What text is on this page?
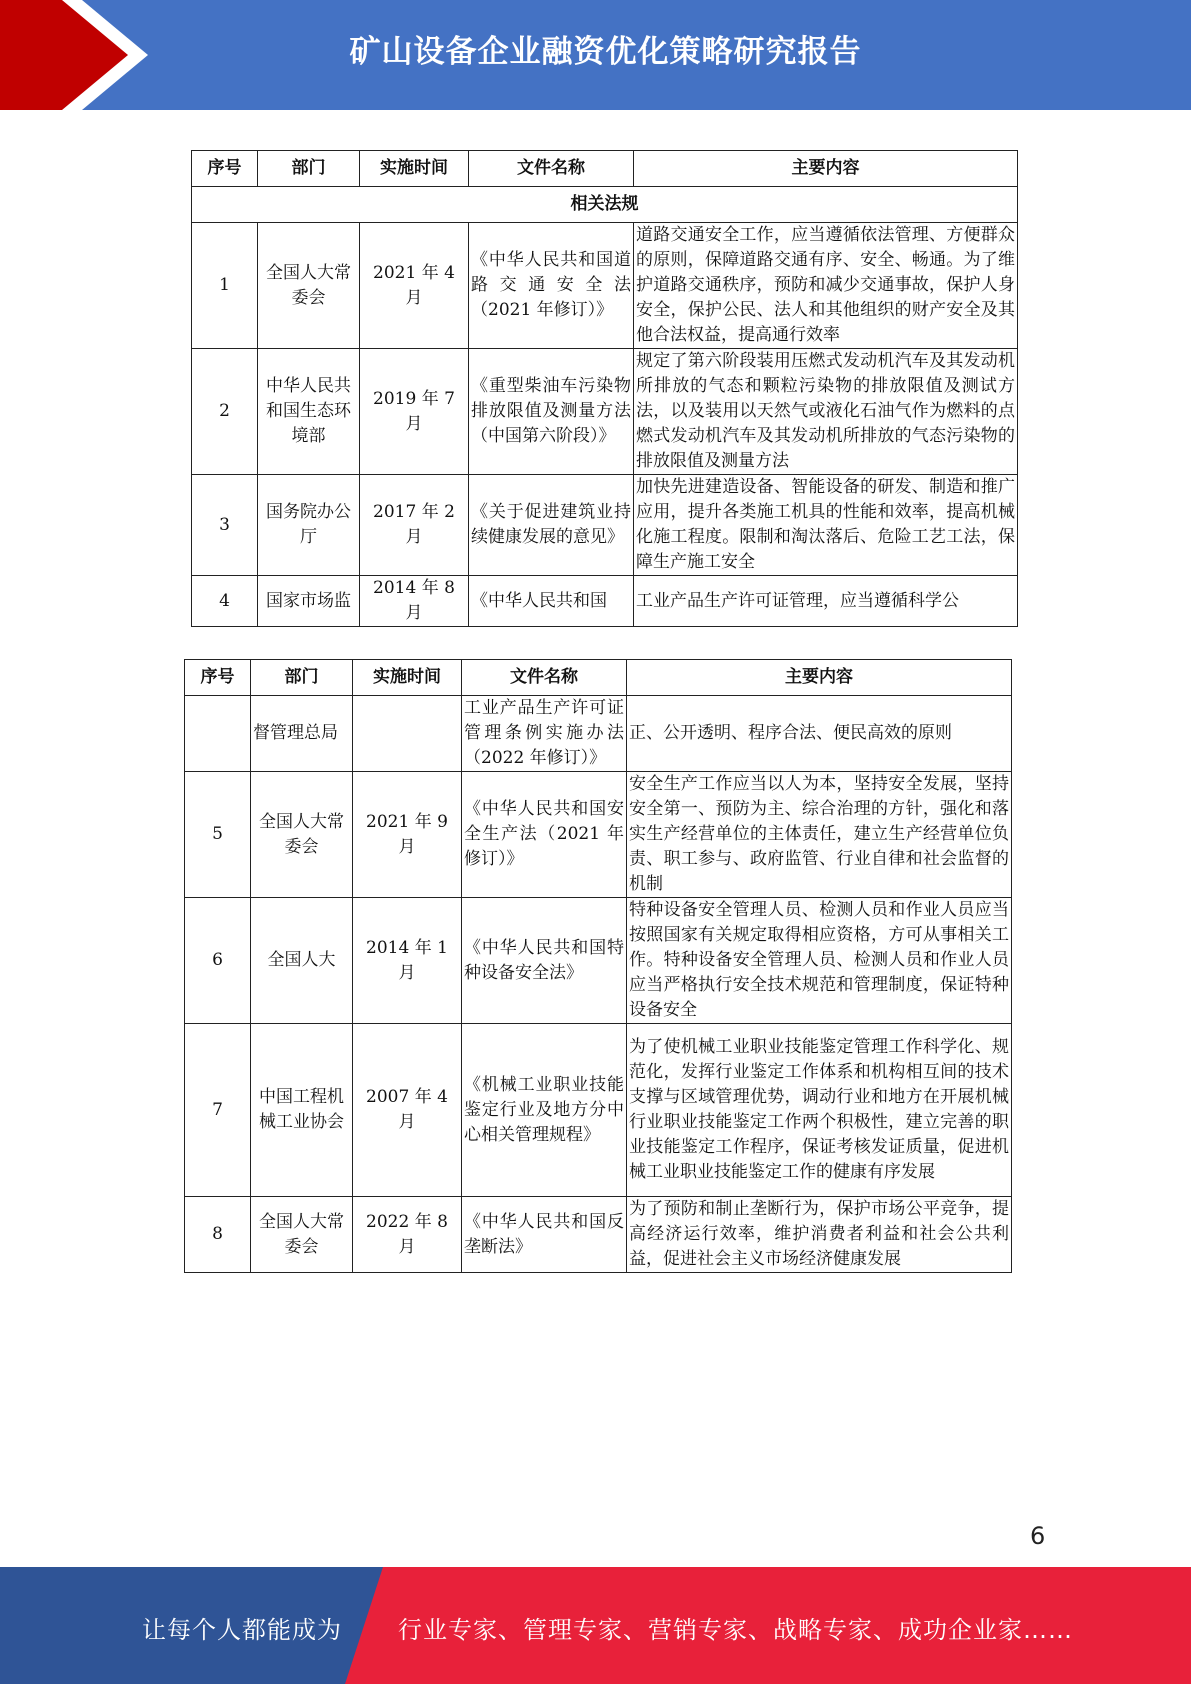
矿山设备企业融资优化策略研究报告
序号	部门	实施时间	文件名称	主要内容
相关法规				
1	全国人大常委会	2021 年 4 月	《中华人民共和国道路交通安全法（2021 年修订）》	道路交通安全工作，应当遵循依法管理、方便群众的原则，保障道路交通有序、安全、畅通。为了维护道路交通秩序，预防和减少交通事故，保护人身安全，保护公民、法人和其他组织的财产安全及其他合法权益，提高通行效率
2	中华人民共和国生态环境部	2019 年 7 月	《重型柴油车污染物排放限值及测量方法（中国第六阶段）》	规定了第六阶段装用压燃式发动机汽车及其发动机所排放的气态和颗粒污染物的排放限值及测试方法，以及装用以天然气或液化石油气作为燃料的点燃式发动机汽车及其发动机所排放的气态污染物的排放限值及测量方法
3	国务院办公厅	2017 年 2 月	《关于促进建筑业持续健康发展的意见》	加快先进建造设备、智能设备的研发、制造和推广应用，提升各类施工机具的性能和效率，提高机械化施工程度。限制和淘汰落后、危险工艺工法，保障生产施工安全
4	国家市场监	2014 年 8 月	《中华人民共和国	工业产品生产许可证管理，应当遵循科学公
序号	部门	实施时间	文件名称	主要内容
	督管理总局		工业产品生产许可证管理条例实施办法（2022 年修订）》	正、公开透明、程序合法、便民高效的原则
5	全国人大常委会	2021 年 9 月	《中华人民共和国安全生产法（2021 年修订）》	安全生产工作应当以人为本，坚持安全发展，坚持安全第一、预防为主、综合治理的方针，强化和落实生产经营单位的主体责任，建立生产经营单位负责、职工参与、政府监管、行业自律和社会监督的机制
6	全国人大	2014 年 1 月	《中华人民共和国特种设备安全法》	特种设备安全管理人员、检测人员和作业人员应当按照国家有关规定取得相应资格，方可从事相关工作。特种设备安全管理人员、检测人员和作业人员应当严格执行安全技术规范和管理制度，保证特种设备安全
7	中国工程机械工业协会	2007 年 4 月	《机械工业职业技能鉴定行业及地方分中心相关管理规程》	为了使机械工业职业技能鉴定管理工作科学化、规范化，发挥行业鉴定工作体系和机构相互间的技术支撑与区域管理优势，调动行业和地方在开展机械行业职业技能鉴定工作两个积极性，建立完善的职业技能鉴定工作程序，保证考核发证质量，促进机械工业职业技能鉴定工作的健康有序发展
8	全国人大常委会	2022 年 8 月	《中华人民共和国反垄断法》	为了预防和制止垄断行为，保护市场公平竞争，提高经济运行效率，维护消费者利益和社会公共利益，促进社会主义市场经济健康发展
6
让每个人都能成为 行业专家、管理专家、营销专家、战略专家、成功企业家……
